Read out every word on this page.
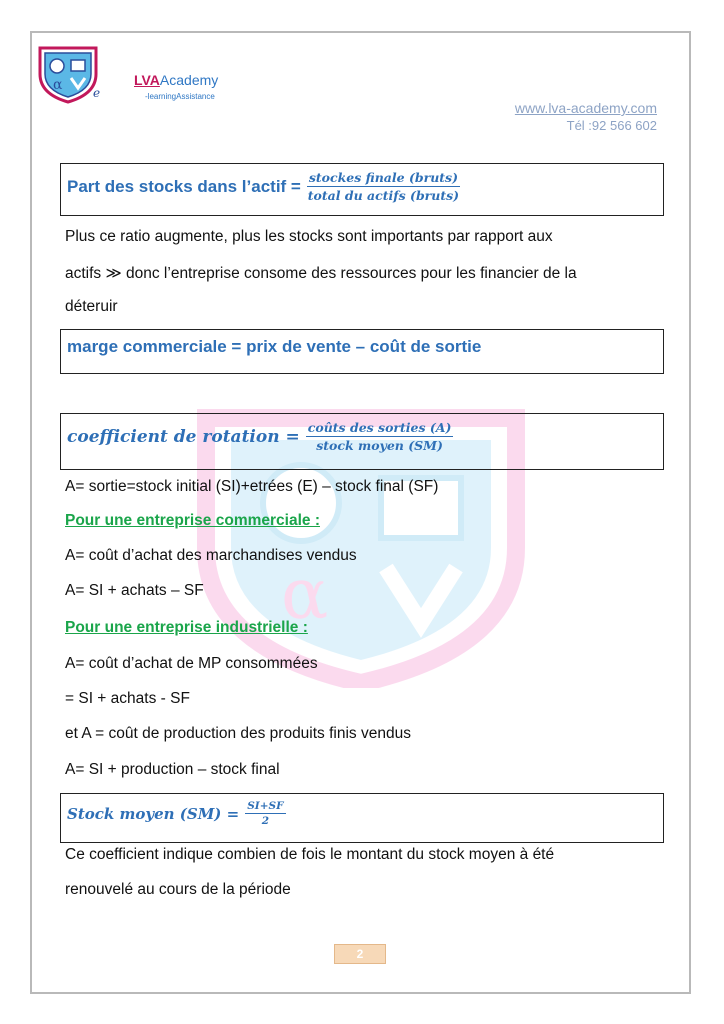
α	e
LVAAcademy
-learningAssistance
www.lva-academy.com
Tél :92 566 602
α
Part des stocks dans l’actif = $\frac{\text{stockes finale (bruts)}}{\text{total du actifs (bruts)}}$
Plus ce ratio augmente, plus les stocks sont importants par rapport aux
actifs ≫ donc l’entreprise consome des ressources pour les financier de la
déteruir
marge commerciale = prix de vente – coût de sortie
coefficient de rotation = $\frac{\text{coûts des sorties (A)}}{\text{stock moyen (SM)}}$
A= sortie=stock initial (SI)+etrées (E) – stock final (SF)
Pour une entreprise commerciale :
A= coût d’achat des marchandises vendus
A= SI + achats – SF
Pour une entreprise industrielle :
A= coût d’achat de MP consommées
= SI + achats - SF
et A = coût de production des produits finis vendus
A= SI + production – stock final
Stock moyen $(SM) = \frac{SI+SF}{2}$
Ce coefficient indique combien de fois le montant du stock moyen à été
renouvelé au cours de la période
2
